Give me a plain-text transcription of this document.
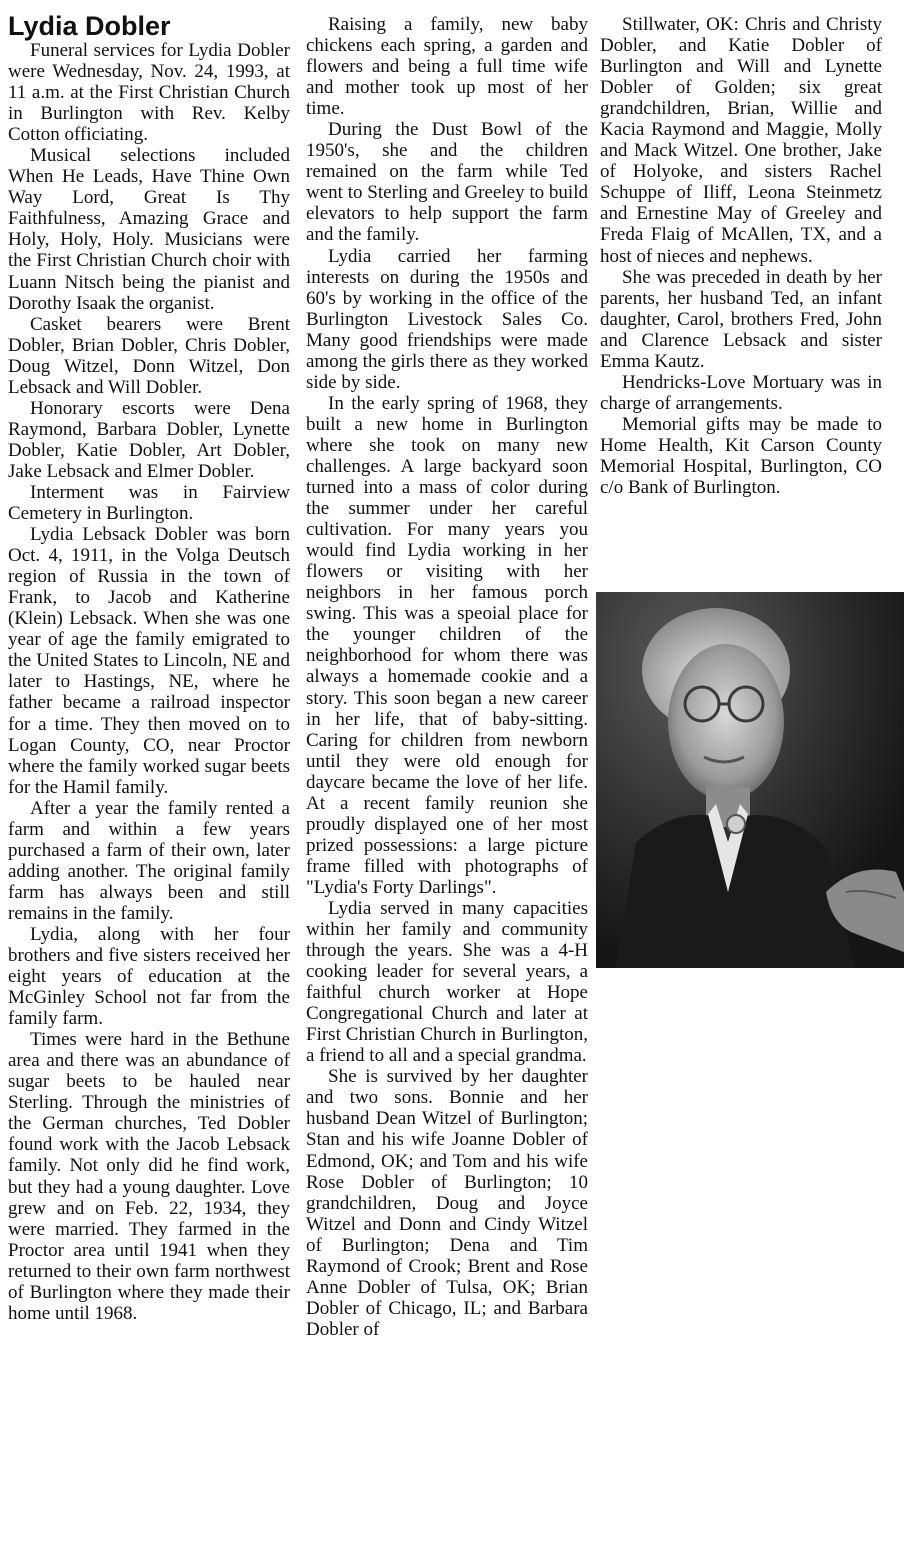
Lydia Dobler

Funeral services for Lydia Dobler were Wednesday, Nov. 24, 1993, at 11 a.m. at the First Christian Church in Burlington with Rev. Kelby Cotton officiating.

Musical selections included When He Leads, Have Thine Own Way Lord, Great Is Thy Faithfulness, Amazing Grace and Holy, Holy, Holy. Musicians were the First Christian Church choir with Luann Nitsch being the pianist and Dorothy Isaak the organist.

Casket bearers were Brent Dobler, Brian Dobler, Chris Dobler, Doug Witzel, Donn Witzel, Don Lebsack and Will Dobler.

Honorary escorts were Dena Raymond, Barbara Dobler, Lynette Dobler, Katie Dobler, Art Dobler, Jake Lebsack and Elmer Dobler.

Interment was in Fairview Cemetery in Burlington.

Lydia Lebsack Dobler was born Oct. 4, 1911, in the Volga Deutsch region of Russia in the town of Frank, to Jacob and Katherine (Klein) Lebsack. When she was one year of age the family emigrated to the United States to Lincoln, NE and later to Hastings, NE, where he father became a railroad inspector for a time. They then moved on to Logan County, CO, near Proctor where the family worked sugar beets for the Hamil family.

After a year the family rented a farm and within a few years purchased a farm of their own, later adding another. The original family farm has always been and still remains in the family.

Lydia, along with her four brothers and five sisters received her eight years of education at the McGinley School not far from the family farm.

Times were hard in the Bethune area and there was an abundance of sugar beets to be hauled near Sterling. Through the ministries of the German churches, Ted Dobler found work with the Jacob Lebsack family. Not only did he find work, but they had a young daughter. Love grew and on Feb. 22, 1934, they were married. They farmed in the Proctor area until 1941 when they returned to their own farm northwest of Burlington where they made their home until 1968.

Raising a family, new baby chickens each spring, a garden and flowers and being a full time wife and mother took up most of her time.

During the Dust Bowl of the 1950's, she and the children remained on the farm while Ted went to Sterling and Greeley to build elevators to help support the farm and the family.

Lydia carried her farming interests on during the 1950s and 60's by working in the office of the Burlington Livestock Sales Co. Many good friendships were made among the girls there as they worked side by side.

In the early spring of 1968, they built a new home in Burlington where she took on many new challenges. A large backyard soon turned into a mass of color during the summer under her careful cultivation. For many years you would find Lydia working in her flowers or visiting with her neighbors in her famous porch swing. This was a speoial place for the younger children of the neighborhood for whom there was always a homemade cookie and a story. This soon began a new career in her life, that of baby-sitting. Caring for children from newborn until they were old enough for daycare became the love of her life. At a recent family reunion she proudly displayed one of her most prized possessions: a large picture frame filled with photographs of "Lydia's Forty Darlings".

Lydia served in many capacities within her family and community through the years. She was a 4-H cooking leader for several years, a faithful church worker at Hope Congregational Church and later at First Christian Church in Burlington, a friend to all and a special grandma.

She is survived by her daughter and two sons. Bonnie and her husband Dean Witzel of Burlington; Stan and his wife Joanne Dobler of Edmond, OK; and Tom and his wife Rose Dobler of Burlington; 10 grandchildren, Doug and Joyce Witzel and Donn and Cindy Witzel of Burlington; Dena and Tim Raymond of Crook; Brent and Rose Anne Dobler of Tulsa, OK; Brian Dobler of Chicago, IL; and Barbara Dobler of

Stillwater, OK: Chris and Christy Dobler, and Katie Dobler of Burlington and Will and Lynette Dobler of Golden; six great grandchildren, Brian, Willie and Kacia Raymond and Maggie, Molly and Mack Witzel. One brother, Jake of Holyoke, and sisters Rachel Schuppe of Iliff, Leona Steinmetz and Ernestine May of Greeley and Freda Flaig of McAllen, TX, and a host of nieces and nephews.

She was preceded in death by her parents, her husband Ted, an infant daughter, Carol, brothers Fred, John and Clarence Lebsack and sister Emma Kautz.

Hendricks-Love Mortuary was in charge of arrangements.

Memorial gifts may be made to Home Health, Kit Carson County Memorial Hospital, Burlington, CO c/o Bank of Burlington.
